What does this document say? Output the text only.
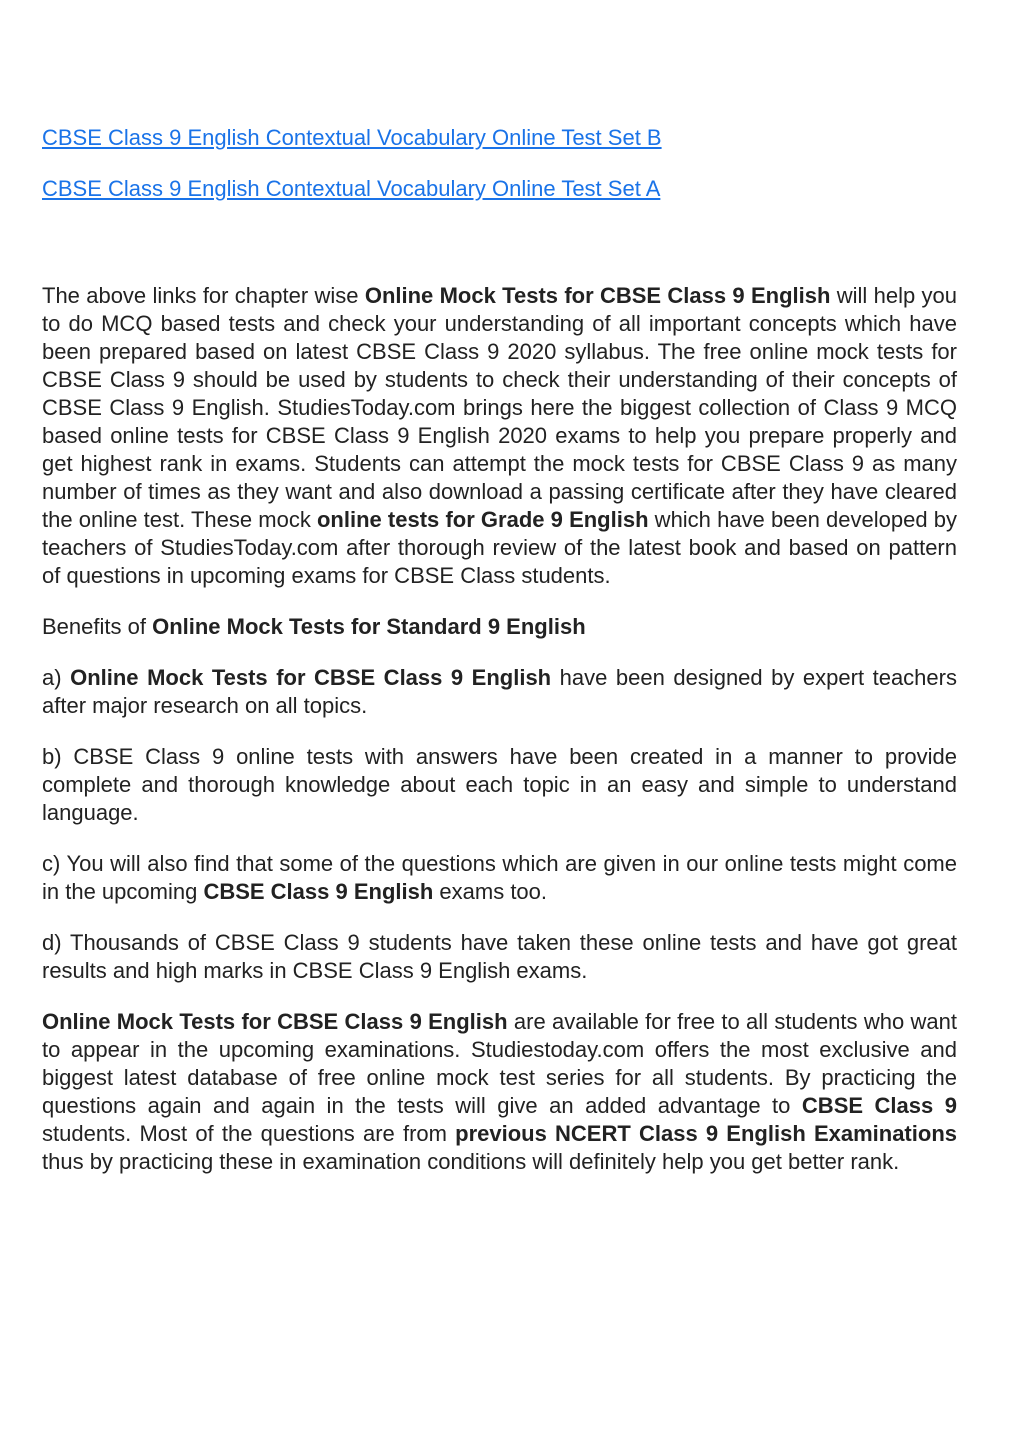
CBSE Class 9 English Contextual Vocabulary Online Test Set B
CBSE Class 9 English Contextual Vocabulary Online Test Set A

The above links for chapter wise Online Mock Tests for CBSE Class 9 English will help you to do MCQ based tests and check your understanding of all important concepts which have been prepared based on latest CBSE Class 9 2020 syllabus. The free online mock tests for CBSE Class 9 should be used by students to check their understanding of their concepts of CBSE Class 9 English. StudiesToday.com brings here the biggest collection of Class 9 MCQ based online tests for CBSE Class 9 English 2020 exams to help you prepare properly and get highest rank in exams. Students can attempt the mock tests for CBSE Class 9 as many number of times as they want and also download a passing certificate after they have cleared the online test. These mock online tests for Grade 9 English which have been developed by teachers of StudiesToday.com after thorough review of the latest book and based on pattern of questions in upcoming exams for CBSE Class students.

Benefits of Online Mock Tests for Standard 9 English

a) Online Mock Tests for CBSE Class 9 English have been designed by expert teachers after major research on all topics.

b) CBSE Class 9 online tests with answers have been created in a manner to provide complete and thorough knowledge about each topic in an easy and simple to understand language.

c) You will also find that some of the questions which are given in our online tests might come in the upcoming CBSE Class 9 English exams too.

d) Thousands of CBSE Class 9 students have taken these online tests and have got great results and high marks in CBSE Class 9 English exams.

Online Mock Tests for CBSE Class 9 English are available for free to all students who want to appear in the upcoming examinations. Studiestoday.com offers the most exclusive and biggest latest database of free online mock test series for all students. By practicing the questions again and again in the tests will give an added advantage to CBSE Class 9 students. Most of the questions are from previous NCERT Class 9 English Examinations thus by practicing these in examination conditions will definitely help you get better rank.
